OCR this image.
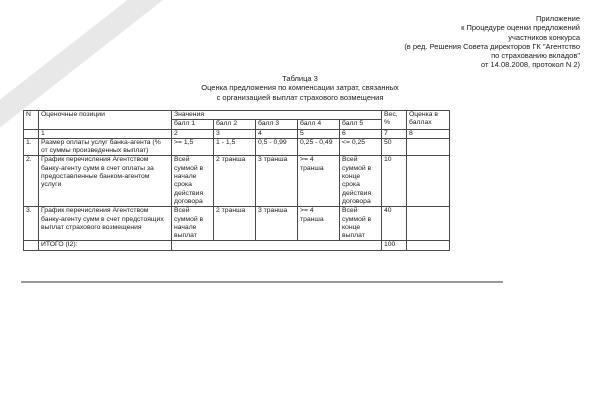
NoNumber.ru	Приложение
к Процедуре оценки предложений
участников конкурса
(в ред. Решения Совета директоров ГК "Агентство
по страхованию вкладов"
от 14.08.2008, протокол N 2)
Таблица 3
Оценка предложения по компенсации затрат, связанных
с организацией выплат страхового возмещения
N	Оценочные позиции	Значения					Вес, %	Оценка в баллах
		балл 1	балл 2	балл 3	балл 4	балл 5		
	1	2	3	4	5	6	7	8
1.	Размер оплаты услуг банка-агента (% от суммы произведенных выплат)	>= 1,5	1 - 1,5	0,5 - 0,99	0,25 - 0,49	<= 0,25	50	
2.	График перечисления Агентством банку-агенту сумм в счет оплаты за предоставленные банком-агентом услуги	Всей суммой в начале срока действия договора	2 транша	3 транша	>= 4 транша	Всей суммой в конце срока действия договора	10	
3.	График перечисления Агентством банку-агенту сумм в счет предстоящих выплат страхового возмещения	Всей суммой в начале выплат	2 транша	3 транша	>= 4 транша	Всей суммой в конце выплат	40	
	ИТОГО (I2):						100	
